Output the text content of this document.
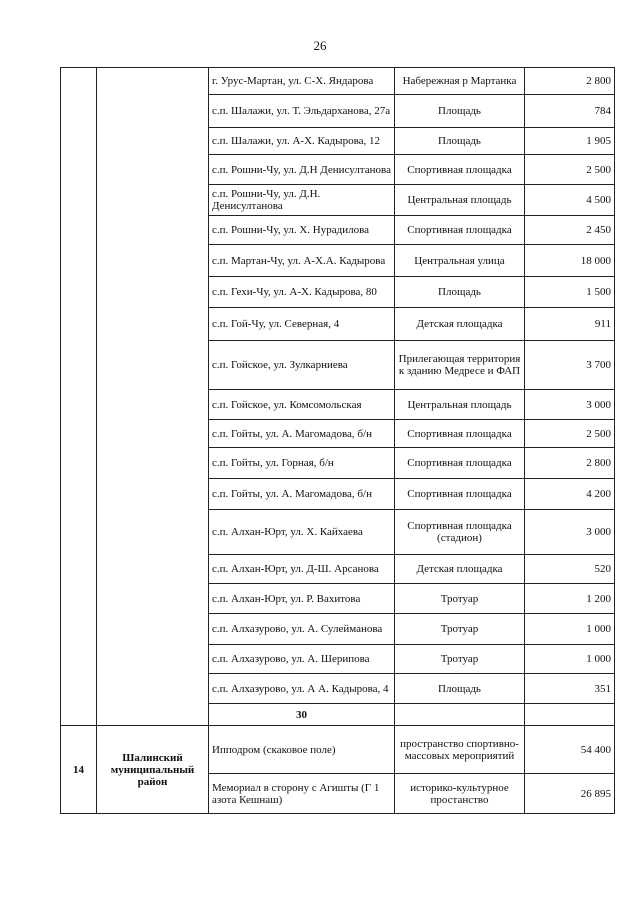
26
		г. Урус-Мартан, ул. С-Х. Яндарова	Набережная р Мартанка	2 800
		с.п. Шалажи, ул. Т. Эльдарханова, 27а	Площадь	784
		с.п. Шалажи, ул. А-Х. Кадырова, 12	Площадь	1 905
		с.п. Рошни-Чу, ул. Д.Н Денисултанова	Спортивная площадка	2 500
		с.п. Рошни-Чу, ул. Д.Н. Денисултанова	Центральная площадь	4 500
		с.п. Рошни-Чу, ул. Х. Нурадилова	Спортивная площадка	2 450
		с.п. Мартан-Чу, ул. А-Х.А. Кадырова	Центральная улица	18 000
		с.п. Гехи-Чу, ул. А-Х. Кадырова, 80	Площадь	1 500
		с.п. Гой-Чу, ул. Северная, 4	Детская площадка	911
		с.п. Гойское, ул. Зулкарниева	Прилегающая территория к зданию Медресе и ФАП	3 700
		с.п. Гойское, ул. Комсомольская	Центральная площадь	3 000
		с.п. Гойты, ул. А. Магомадова, б/н	Спортивная площадка	2 500
		с.п. Гойты, ул. Горная, б/н	Спортивная площадка	2 800
		с.п. Гойты, ул. А. Магомадова, б/н	Спортивная площадка	4 200
		с.п. Алхан-Юрт, ул. Х. Кайхаева	Спортивная площадка (стадион)	3 000
		с.п. Алхан-Юрт, ул. Д-Ш. Арсанова	Детская площадка	520
		с.п. Алхан-Юрт, ул. Р. Вахитова	Тротуар	1 200
		с.п. Алхазурово, ул. А. Сулейманова	Тротуар	1 000
		с.п. Алхазурово, ул. А. Шерипова	Тротуар	1 000
		с.п. Алхазурово, ул. А А. Кадырова, 4	Площадь	351
		30		
14	Шалинский муниципальный район	Ипподром (скаковое поле)	пространство спортивно-массовых мероприятий	54 400
		Мемориал в сторону с Агишты (Г 1 азота Кешнаш)	историко-культурное простанство	26 895
